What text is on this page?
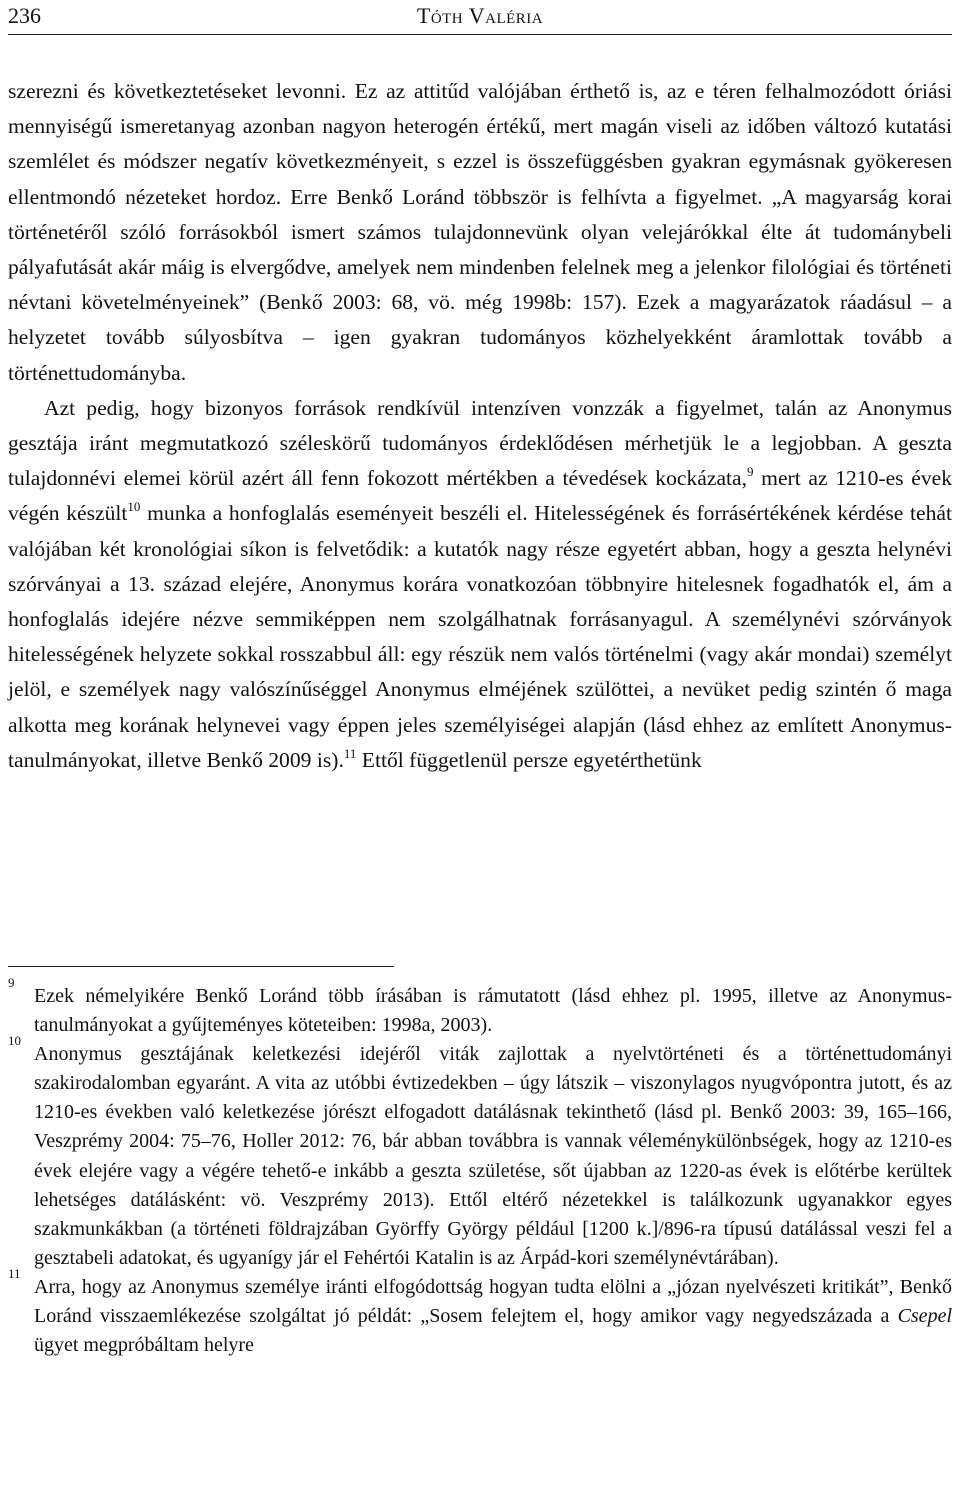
236	Tóth Valéria

szerezni és következtetéseket levonni. Ez az attitűd valójában érthető is, az e téren felhalmozódott óriási mennyiségű ismeretanyag azonban nagyon heterogén értékű, mert magán viseli az időben változó kutatási szemlélet és módszer negatív következményeit, s ezzel is összefüggésben gyakran egymásnak gyökeresen ellentmondó nézeteket hordoz. Erre Benkő Loránd többször is felhívta a figyelmet. „A magyarság korai történetéről szóló forrásokból ismert számos tulajdonnevünk olyan velejárókkal élte át tudománybeli pályafutását akár máig is elvergődve, amelyek nem mindenben felelnek meg a jelenkor filológiai és történeti névtani követelményeinek” (Benkő 2003: 68, vö. még 1998b: 157). Ezek a magyarázatok ráadásul – a helyzetet tovább súlyosbítva – igen gyakran tudományos közhelyekként áramlottak tovább a történettudományba.

Azt pedig, hogy bizonyos források rendkívül intenzíven vonzzák a figyelmet, talán az Anonymus gesztája iránt megmutatkozó széleskörű tudományos érdeklődésen mérhetjük le a legjobban. A geszta tulajdonnévi elemei körül azért áll fenn fokozott mértékben a tévedések kockázata,$^9$ mert az 1210-es évek végén készült$^{10}$ munka a honfoglalás eseményeit beszéli el. Hitelességének és forrásértékének kérdése tehát valójában két kronológiai síkon is felvetődik: a kutatók nagy része egyetért abban, hogy a geszta helynévi szórványai a 13. század elejére, Anonymus korára vonatkozóan többnyire hitelesnek fogadhatók el, ám a honfoglalás idejére nézve semmiképpen nem szolgálhatnak forrásanyagul. A személynévi szórványok hitelességének helyzete sokkal rosszabbul áll: egy részük nem valós történelmi (vagy akár mondai) személyt jelöl, e személyek nagy valószínűséggel Anonymus elméjének szülöttei, a nevüket pedig szintén ő maga alkotta meg korának helynevei vagy éppen jeles személyiségei alapján (lásd ehhez az említett Anonymus-tanulmányokat, illetve Benkő 2009 is).$^{11}$ Ettől függetlenül persze egyetérthetünk

9
Ezek némelyikére Benkő Loránd több írásában is rámutatott (lásd ehhez pl. 1995, illetve az Anonymus-tanulmányokat a gyűjteményes köteteiben: 1998a, 2003).
10
Anonymus gesztájának keletkezési idejéről viták zajlottak a nyelvtörténeti és a történettudományi szakirodalomban egyaránt. A vita az utóbbi évtizedekben – úgy látszik – viszonylagos nyugvópontra jutott, és az 1210-es években való keletkezése jórészt elfogadott datálásnak tekinthető (lásd pl. Benkő 2003: 39, 165–166, Veszprémy 2004: 75–76, Holler 2012: 76, bár abban továbbra is vannak véleménykülönbségek, hogy az 1210-es évek elejére vagy a végére tehető-e inkább a geszta születése, sőt újabban az 1220-as évek is előtérbe kerültek lehetséges datálásként: vö. Veszprémy 2013). Ettől eltérő nézetekkel is találkozunk ugyanakkor egyes szakmunkákban (a történeti földrajzában Györffy György például [1200 k.]/896-ra típusú datálással veszi fel a gesztabeli adatokat, és ugyanígy jár el Fehértói Katalin is az Árpád-kori személynévtárában).
11
Arra, hogy az Anonymus személye iránti elfogódottság hogyan tudta elölni a „józan nyelvészeti kritikát”, Benkő Loránd visszaemlékezése szolgáltat jó példát: „Sosem felejtem el, hogy amikor vagy negyedszázada a Csepel ügyet megpróbáltam helyre
